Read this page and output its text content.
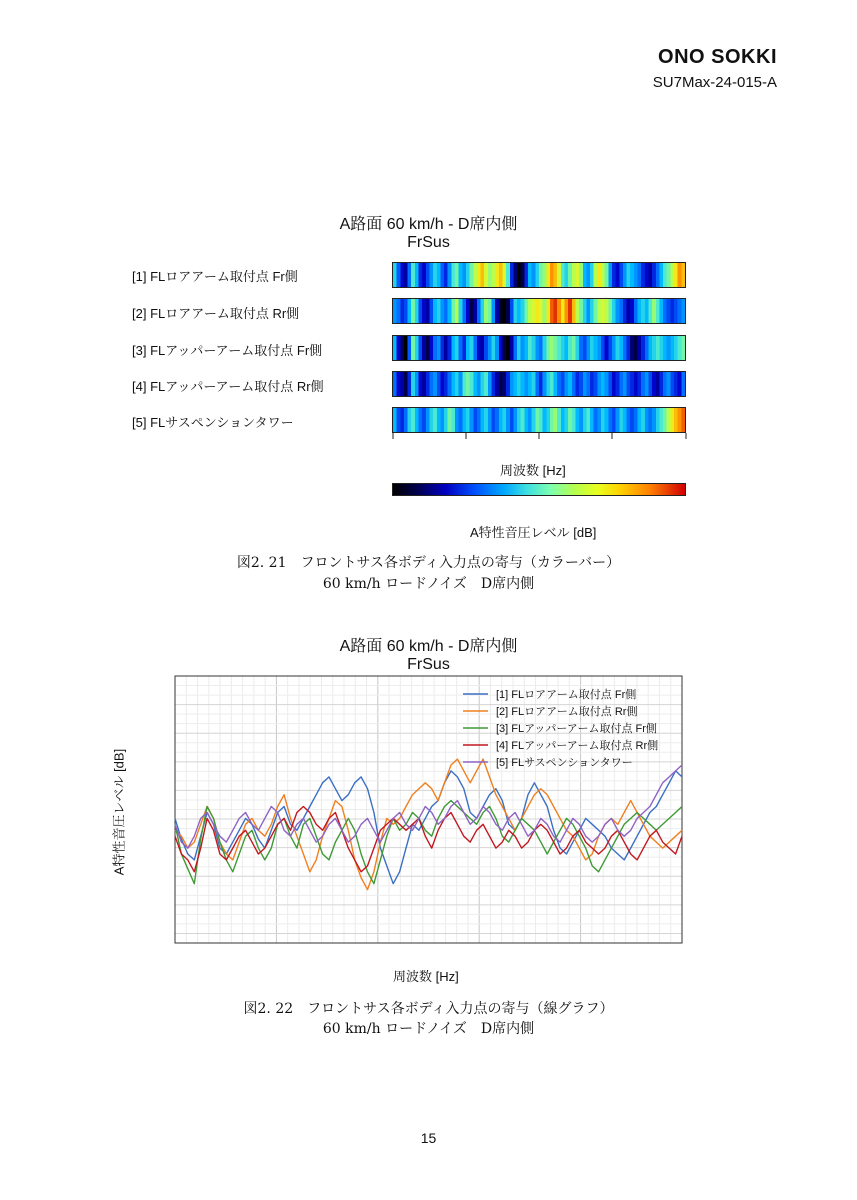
ONO SOKKI
SU7Max-24-015-A
A路面 60 km/h - D席内側
FrSus
[1] FLロアアーム取付点 Fr側
[2] FLロアアーム取付点 Rr側
[3] FLアッパーアーム取付点 Fr側
[4] FLアッパーアーム取付点 Rr側
[5] FLサスペンションタワー
周波数 [Hz]
A特性音圧レベル [dB]
図2. 21　フロントサス各ボディ入力点の寄与（カラーバー）
60 km/h ロードノイズ　D席内側
A路面 60 km/h - D席内側
FrSus
[1] FLロアアーム取付点 Fr側
[2] FLロアアーム取付点 Rr側
[3] FLアッパーアーム取付点 Fr側
[4] FLアッパーアーム取付点 Rr側
[5] FLサスペンションタワー
A特性音圧レベル [dB]
周波数 [Hz]
図2. 22　フロントサス各ボディ入力点の寄与（線グラフ）
60 km/h ロードノイズ　D席内側
15
